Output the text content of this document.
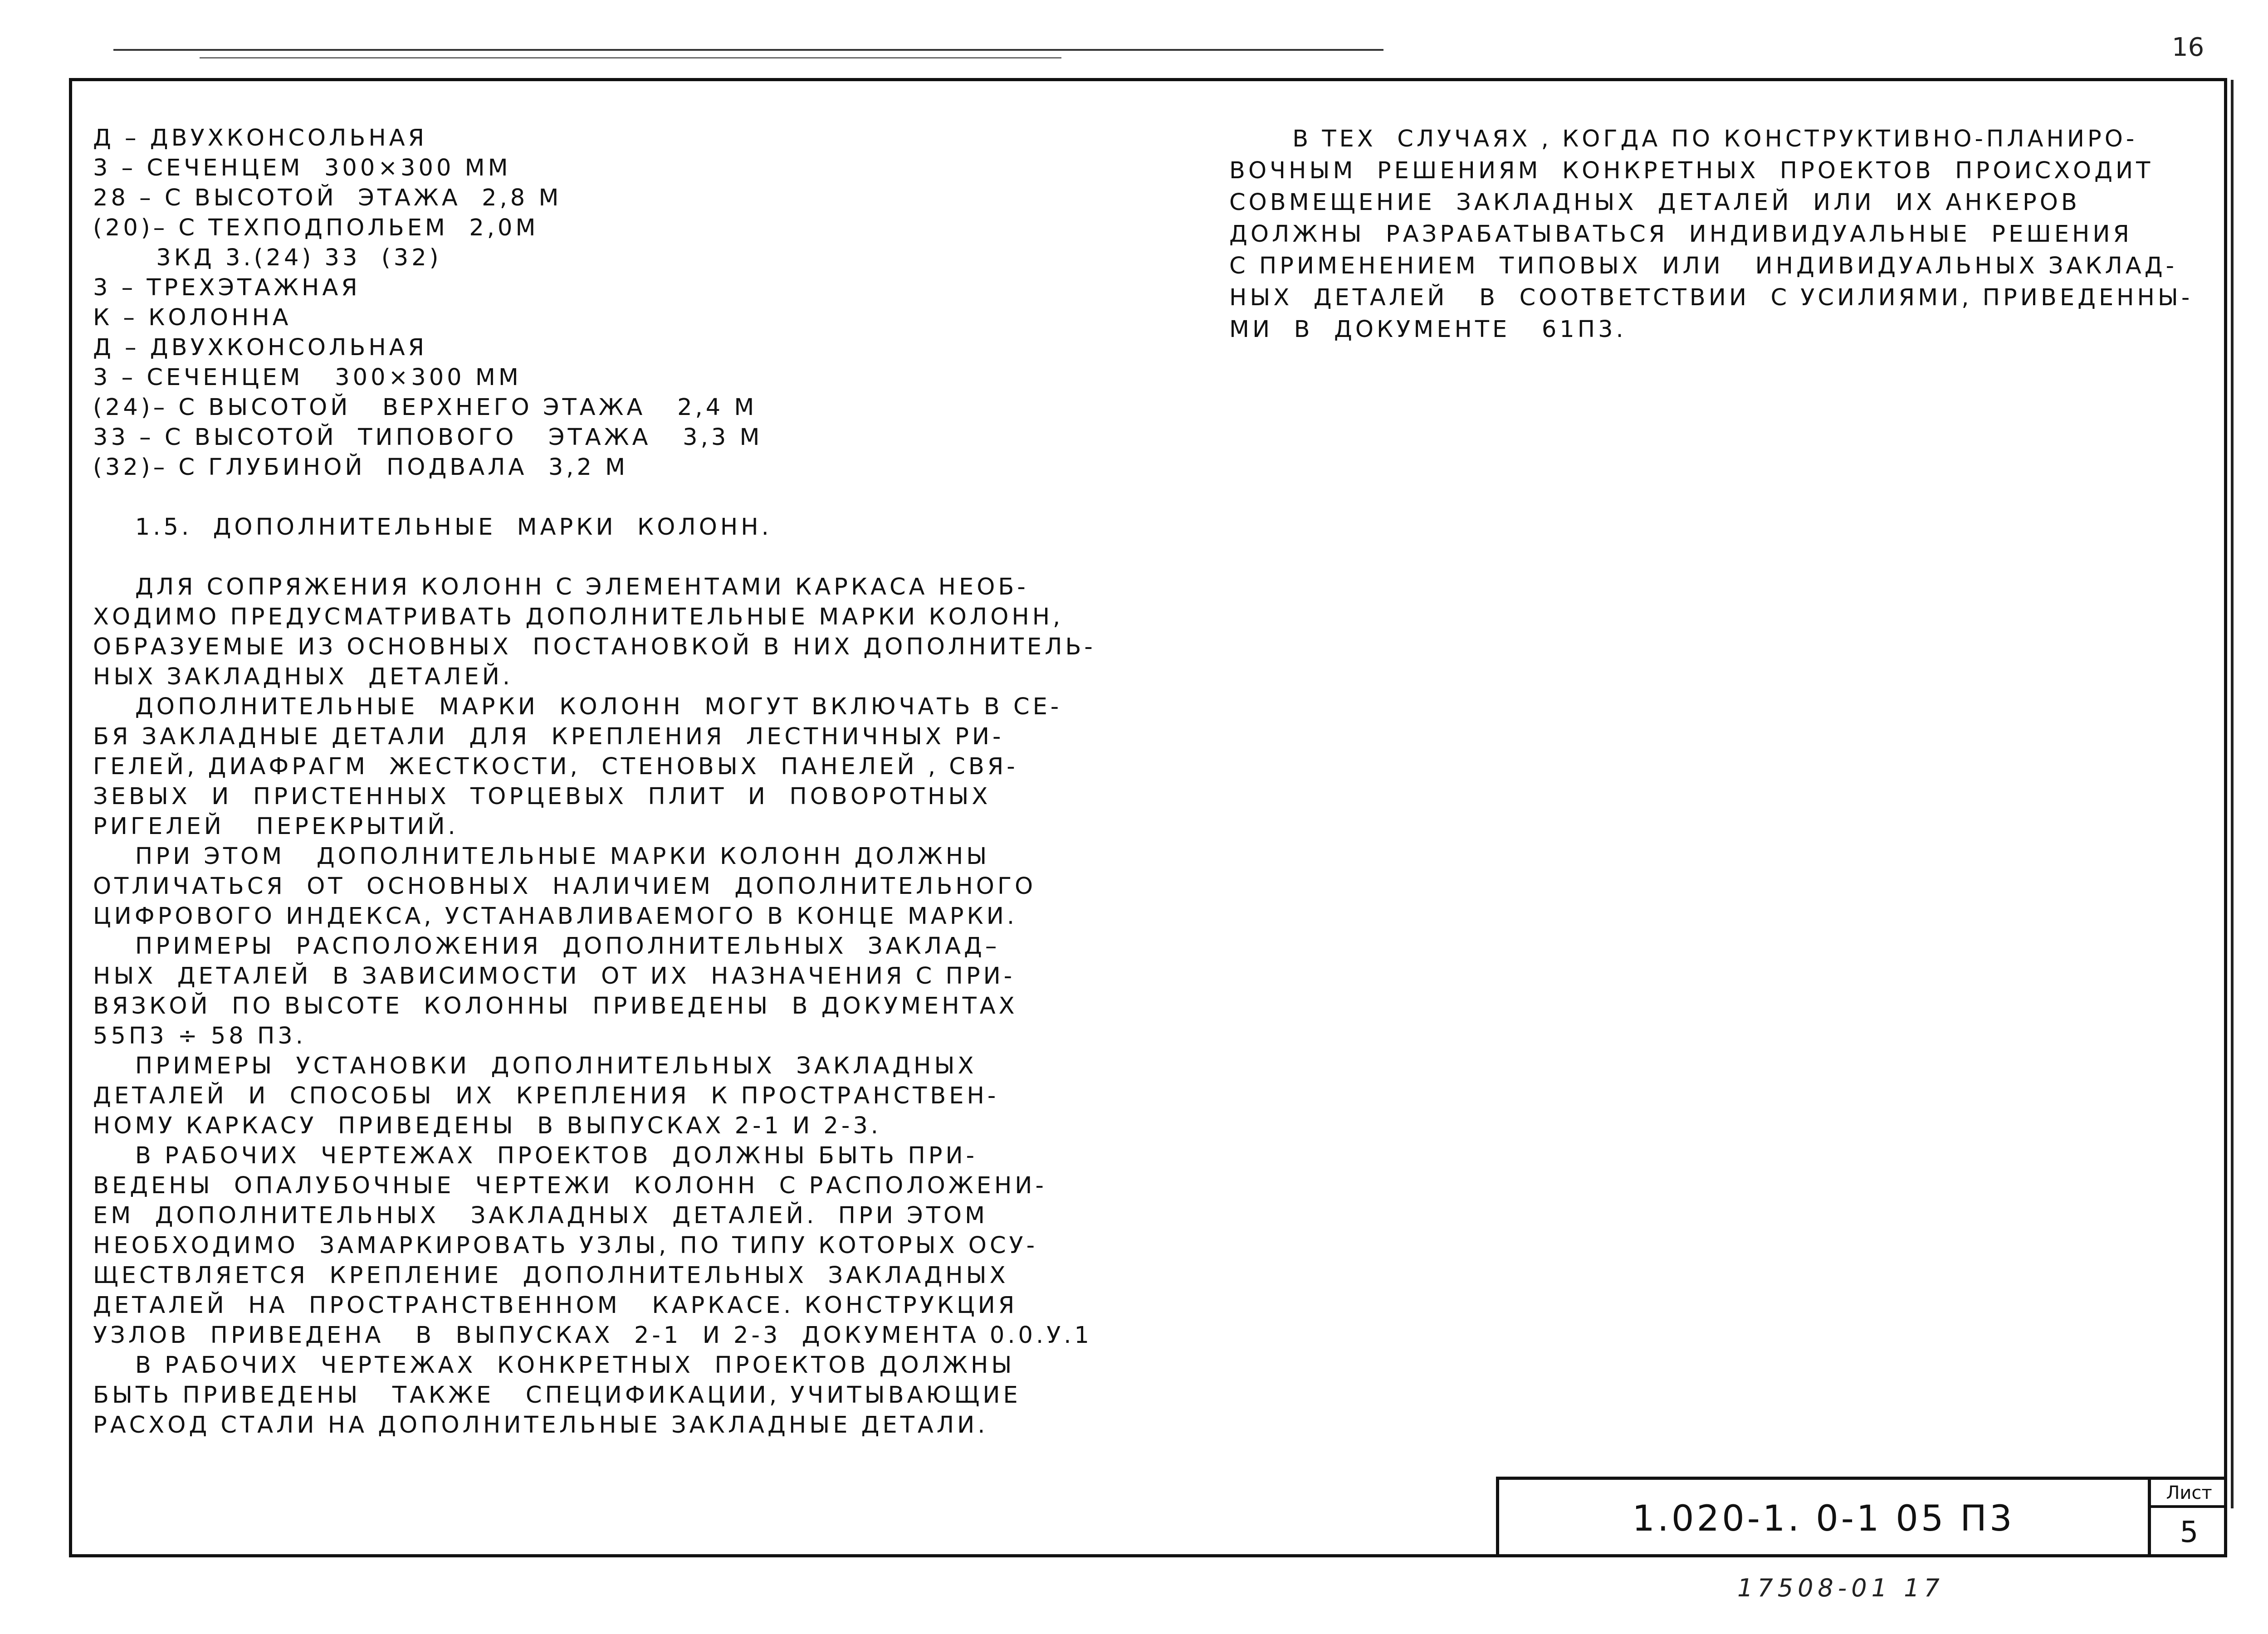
16
Д – ДВУХКОНСОЛЬНАЯ
3 – СЕЧЕНЦЕМ  300×300 ММ
28 – С ВЫСОТОЙ  ЭТАЖА  2,8 М
(20)– С ТЕХПОДПОЛЬЕМ  2,0М
3КД 3.(24) 33  (32)
3 – ТРЕХЭТАЖНАЯ
К – КОЛОННА
Д – ДВУХКОНСОЛЬНАЯ
3 – СЕЧЕНЦЕМ   300×300 ММ
(24)– С ВЫСОТОЙ   ВЕРХНЕГО ЭТАЖА   2,4 М
33 – С ВЫСОТОЙ  ТИПОВОГО   ЭТАЖА   3,3 М
(32)– С ГЛУБИНОЙ  ПОДВАЛА  3,2 М

1.5.  ДОПОЛНИТЕЛЬНЫЕ  МАРКИ  КОЛОНН.

ДЛЯ СОПРЯЖЕНИЯ КОЛОНН С ЭЛЕМЕНТАМИ КАРКАСА НЕОБ-
ХОДИМО ПРЕДУСМАТРИВАТЬ ДОПОЛНИТЕЛЬНЫЕ МАРКИ КОЛОНН,
ОБРАЗУЕМЫЕ ИЗ ОСНОВНЫХ  ПОСТАНОВКОЙ В НИХ ДОПОЛНИТЕЛЬ-
НЫХ ЗАКЛАДНЫХ  ДЕТАЛЕЙ.
ДОПОЛНИТЕЛЬНЫЕ  МАРКИ  КОЛОНН  МОГУТ ВКЛЮЧАТЬ В СЕ-
БЯ ЗАКЛАДНЫЕ ДЕТАЛИ  ДЛЯ  КРЕПЛЕНИЯ  ЛЕСТНИЧНЫХ РИ-
ГЕЛЕЙ, ДИАФРАГМ  ЖЕСТКОСТИ,  СТЕНОВЫХ  ПАНЕЛЕЙ , СВЯ-
ЗЕВЫХ  И  ПРИСТЕННЫХ  ТОРЦЕВЫХ  ПЛИТ  И  ПОВОРОТНЫХ
РИГЕЛЕЙ   ПЕРЕКРЫТИЙ.
ПРИ ЭТОМ   ДОПОЛНИТЕЛЬНЫЕ МАРКИ КОЛОНН ДОЛЖНЫ
ОТЛИЧАТЬСЯ  ОТ  ОСНОВНЫХ  НАЛИЧИЕМ  ДОПОЛНИТЕЛЬНОГО
ЦИФРОВОГО ИНДЕКСА, УСТАНАВЛИВАЕМОГО В КОНЦЕ МАРКИ.
ПРИМЕРЫ  РАСПОЛОЖЕНИЯ  ДОПОЛНИТЕЛЬНЫХ  ЗАКЛАД–
НЫХ  ДЕТАЛЕЙ  В ЗАВИСИМОСТИ  ОТ ИХ  НАЗНАЧЕНИЯ С ПРИ-
ВЯЗКОЙ  ПО ВЫСОТЕ  КОЛОННЫ  ПРИВЕДЕНЫ  В ДОКУМЕНТАХ
55П3 ÷ 58 П3.
ПРИМЕРЫ  УСТАНОВКИ  ДОПОЛНИТЕЛЬНЫХ  ЗАКЛАДНЫХ
ДЕТАЛЕЙ  И  СПОСОБЫ  ИХ  КРЕПЛЕНИЯ  К ПРОСТРАНСТВЕН-
НОМУ КАРКАСУ  ПРИВЕДЕНЫ  В ВЫПУСКАХ 2-1 И 2-3.
В РАБОЧИХ  ЧЕРТЕЖАХ  ПРОЕКТОВ  ДОЛЖНЫ БЫТЬ ПРИ-
ВЕДЕНЫ  ОПАЛУБОЧНЫЕ  ЧЕРТЕЖИ  КОЛОНН  С РАСПОЛОЖЕНИ-
ЕМ  ДОПОЛНИТЕЛЬНЫХ   ЗАКЛАДНЫХ  ДЕТАЛЕЙ.  ПРИ ЭТОМ
НЕОБХОДИМО  ЗАМАРКИРОВАТЬ УЗЛЫ, ПО ТИПУ КОТОРЫХ ОСУ-
ЩЕСТВЛЯЕТСЯ  КРЕПЛЕНИЕ  ДОПОЛНИТЕЛЬНЫХ  ЗАКЛАДНЫХ
ДЕТАЛЕЙ  НА  ПРОСТРАНСТВЕННОМ   КАРКАСЕ. КОНСТРУКЦИЯ
УЗЛОВ  ПРИВЕДЕНА   В  ВЫПУСКАХ  2-1  И 2-3  ДОКУМЕНТА 0.0.У.1
В РАБОЧИХ  ЧЕРТЕЖАХ  КОНКРЕТНЫХ  ПРОЕКТОВ ДОЛЖНЫ
БЫТЬ ПРИВЕДЕНЫ   ТАКЖЕ   СПЕЦИФИКАЦИИ, УЧИТЫВАЮЩИЕ
РАСХОД СТАЛИ НА ДОПОЛНИТЕЛЬНЫЕ ЗАКЛАДНЫЕ ДЕТАЛИ.
В ТЕХ  СЛУЧАЯХ , КОГДА ПО КОНСТРУКТИВНО-ПЛАНИРО-
ВОЧНЫМ  РЕШЕНИЯМ  КОНКРЕТНЫХ  ПРОЕКТОВ  ПРОИСХОДИТ
СОВМЕЩЕНИЕ  ЗАКЛАДНЫХ  ДЕТАЛЕЙ  ИЛИ  ИХ АНКЕРОВ
ДОЛЖНЫ  РАЗРАБАТЫВАТЬСЯ  ИНДИВИДУАЛЬНЫЕ  РЕШЕНИЯ
С ПРИМЕНЕНИЕМ  ТИПОВЫХ  ИЛИ   ИНДИВИДУАЛЬНЫХ ЗАКЛАД-
НЫХ  ДЕТАЛЕЙ   В  СООТВЕТСТВИИ  С УСИЛИЯМИ, ПРИВЕДЕННЫ-
МИ  В  ДОКУМЕНТЕ   61П3.
1.020-1. 0-1 05 П3
Лист
5
17508-01 17
